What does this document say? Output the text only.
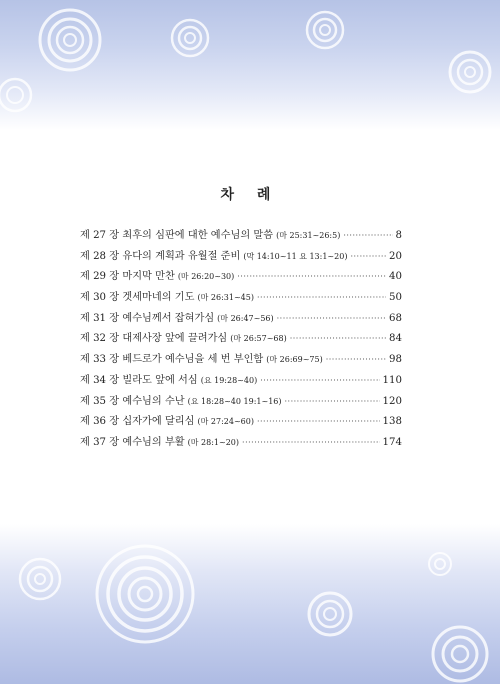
차 례
제 27 장 최후의 심판에 대한 예수님의 말씀 (마 25:31~26:5) ·····	8
제 28 장 유다의 계획과 유월절 준비 (막 14:10~11 요 13:1~20) ·····	20
제 29 장 마지막 만찬 (마 26:20~30) ·····	40
제 30 장 겟세마네의 기도 (마 26:31~45) ·····	50
제 31 장 예수님께서 잡혀가심 (마 26:47~56) ·····	68
제 32 장 대제사장 앞에 끌려가심 (마 26:57~68) ·····	84
제 33 장 베드로가 예수님을 세 번 부인함 (마 26:69~75) ·····	98
제 34 장 빌라도 앞에 서심 (요 19:28~40) ·····	110
제 35 장 예수님의 수난 (요 18:28~40 19:1~16) ·····	120
제 36 장 십자가에 달리심 (마 27:24~60) ·····	138
제 37 장 예수님의 부활 (마 28:1~20) ·····	174
